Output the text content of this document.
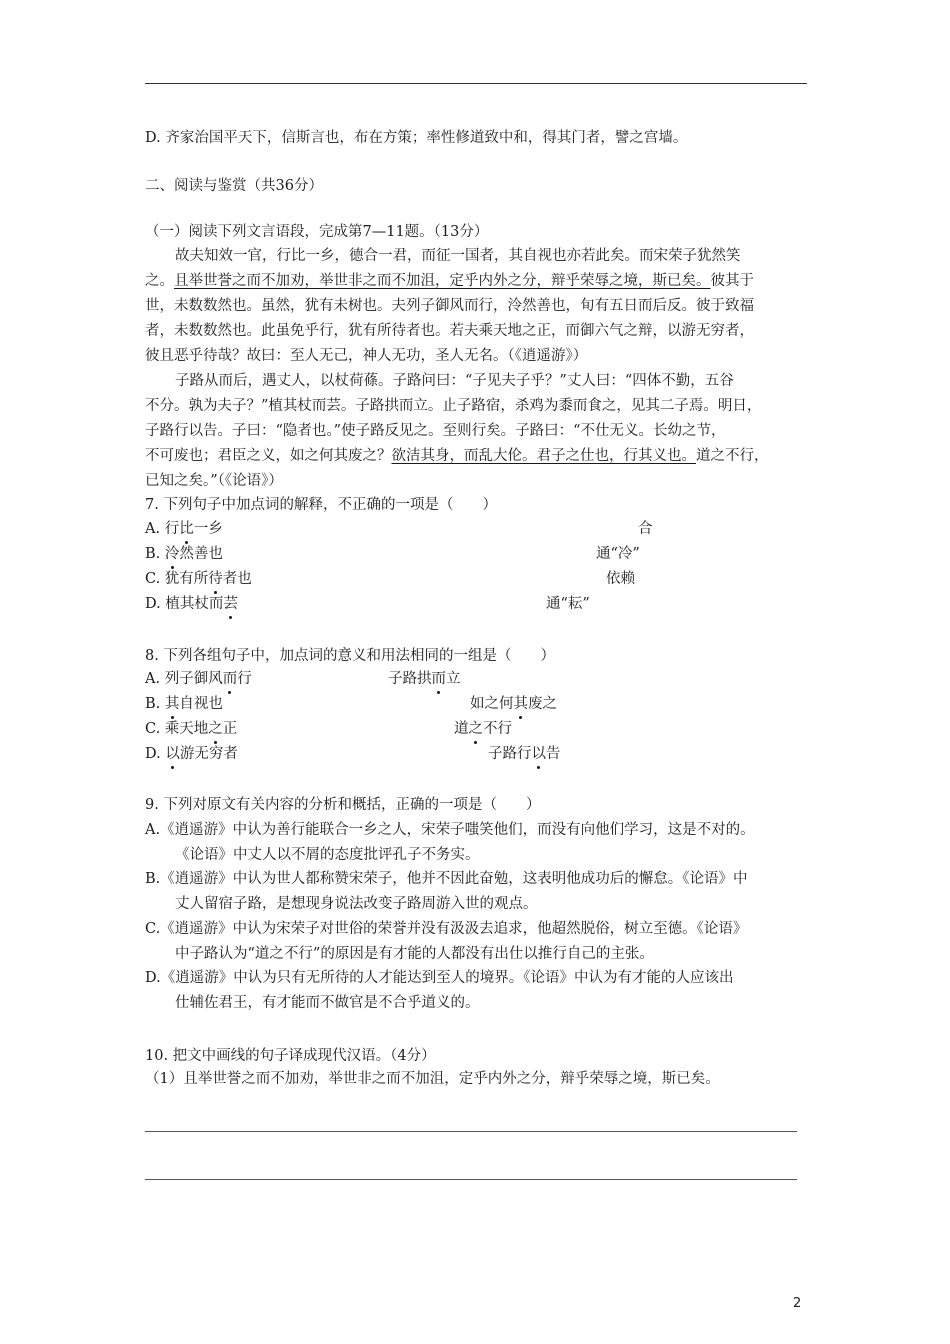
D. 齐家治国平天下，信斯言也，布在方策；率性修道致中和，得其门者，譬之宫墙。
二、阅读与鉴赏（共36分）
（一）阅读下列文言语段，完成第7—11题。（13分）
故夫知效一官，行比一乡，德合一君，而征一国者，其自视也亦若此矣。而宋荣子犹然笑
之。且举世誉之而不加劝，举世非之而不加沮，定乎内外之分，辩乎荣辱之境，斯已矣。彼其于
世，未数数然也。虽然，犹有未树也。夫列子御风而行，泠然善也，旬有五日而后反。彼于致福
者，未数数然也。此虽免乎行，犹有所待者也。若夫乘天地之正，而御六气之辩，以游无穷者，
彼且恶乎待哉？故曰：至人无己，神人无功，圣人无名。（《逍遥游》）
子路从而后，遇丈人，以杖荷蓧。子路问曰：“子见夫子乎？”丈人曰：“四体不勤，五谷
不分。孰为夫子？”植其杖而芸。子路拱而立。止子路宿，杀鸡为黍而食之，见其二子焉。明日，
子路行以告。子曰：“隐者也。”使子路反见之。至则行矣。子路曰：“不仕无义。长幼之节，
不可废也；君臣之义，如之何其废之？欲洁其身，而乱大伦。君子之仕也，行其义也。道之不行，
已知之矣。”（《论语》）
7. 下列句子中加点词的解释，不正确的一项是（　　）
A. 行比一乡	合
B. 泠然善也	通“冷”
C. 犹有所待者也	依赖
D. 植其杖而芸	通“耘”
8. 下列各组句子中，加点词的意义和用法相同的一组是（　　）
A. 列子御风而行	子路拱而立
B. 其自视也	如之何其废之
C. 乘天地之正	道之不行
D. 以游无穷者	子路行以告
9. 下列对原文有关内容的分析和概括，正确的一项是（　　）
A.《逍遥游》中认为善行能联合一乡之人，宋荣子嗤笑他们，而没有向他们学习，这是不对的。
《论语》中丈人以不屑的态度批评孔子不务实。
B.《逍遥游》中认为世人都称赞宋荣子，他并不因此奋勉，这表明他成功后的懈怠。《论语》中
丈人留宿子路，是想现身说法改变子路周游入世的观点。
C.《逍遥游》中认为宋荣子对世俗的荣誉并没有汲汲去追求，他超然脱俗，树立至德。《论语》
中子路认为“道之不行”的原因是有才能的人都没有出仕以推行自己的主张。
D.《逍遥游》中认为只有无所待的人才能达到至人的境界。《论语》中认为有才能的人应该出
仕辅佐君王，有才能而不做官是不合乎道义的。
10. 把文中画线的句子译成现代汉语。（4分）
（1）且举世誉之而不加劝，举世非之而不加沮，定乎内外之分，辩乎荣辱之境，斯已矣。
2
